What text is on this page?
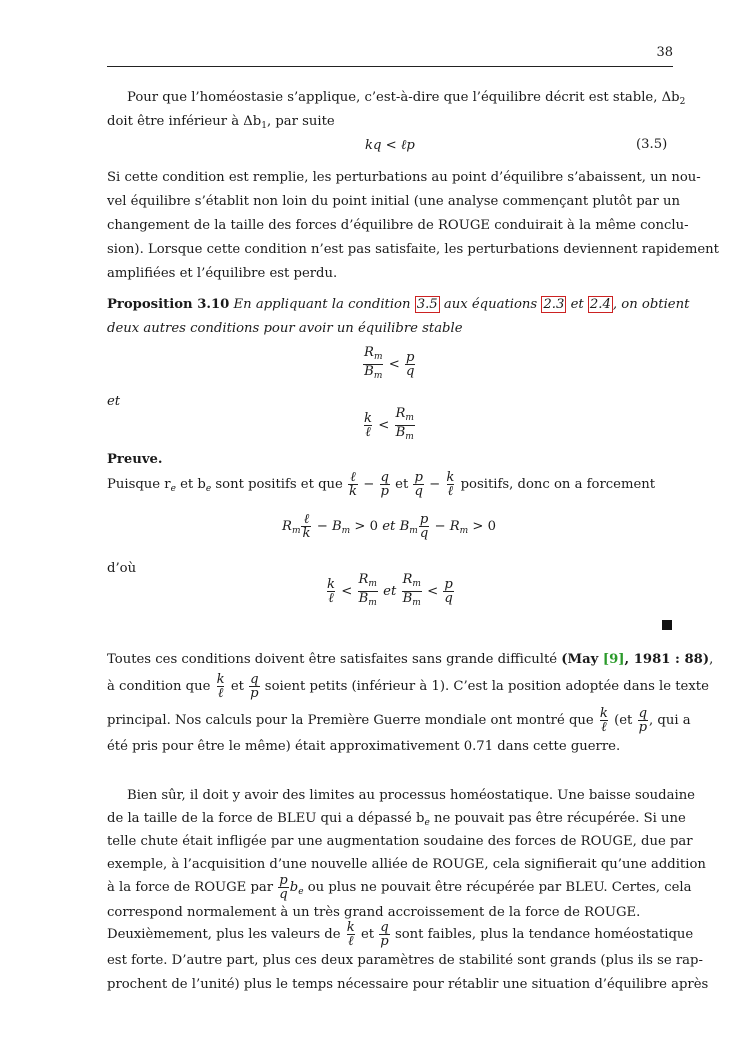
38
Pour que l’homéostasie s’applique, c’est-à-dire que l’équilibre décrit est stable, $\Delta b_2$
doit être inférieur à $\Delta b_1$, par suite
kq < ℓp	(3.5)
Si cette condition est remplie, les perturbations au point d’équilibre s’abaissent, un nou-
vel équilibre s’établit non loin du point initial (une analyse commençant plutôt par un
changement de la taille des forces d’équilibre de ROUGE conduirait à la même conclu-
sion). Lorsque cette condition n’est pas satisfaite, les perturbations deviennent rapidement
amplifiées et l’équilibre est perdu.
Proposition 3.10 En appliquant la condition 3.5 aux équations 2.3 et 2.4 , on obtient
deux autres conditions pour avoir un équilibre stable
$\frac{R_m}{B_m} < \frac{p}{q}$
et
$\frac{k}{\text{ℓ}} < \frac{R_m}{B_m}$
Preuve.
Puisque $r_e$ et $b_e$ sont positifs et que $\frac{\text{ℓ}}{k} - \frac{q}{p}$ et $\frac{p}{q} - \frac{k}{\text{ℓ}}$ positifs, donc on a forcement
$R_m \frac{\text{ℓ}}{k} - B_m > 0$ et $B_m \frac{p}{q} - R_m > 0$
d’où
$\frac{k}{\text{ℓ}} < \frac{R_m}{B_m}$ et $\frac{R_m}{B_m} < \frac{p}{q}$
Toutes ces conditions doivent être satisfaites sans grande difficulté (May [9], 1981 : 88),
à condition que $\frac{k}{\text{ℓ}}$ et $\frac{q}{p}$ soient petits (inférieur à 1). C’est la position adoptée dans le texte
principal. Nos calculs pour la Première Guerre mondiale ont montré que $\frac{k}{\text{ℓ}} (et \frac{q}{p}$ , qui a
été pris pour être le même) était approximativement 0.71 dans cette guerre.
Bien sûr, il doit y avoir des limites au processus homéostatique. Une baisse soudaine
de la taille de la force de BLEU qui a dépassé $b_e$ ne pouvait pas être récupérée. Si une
telle chute était infligée par une augmentation soudaine des forces de ROUGE, due par
exemple, à l’acquisition d’une nouvelle alliée de ROUGE, cela signifierait qu’une addition
à la force de ROUGE par $\frac{p}{q} b_e$ ou plus ne pouvait être récupérée par BLEU. Certes, cela
correspond normalement à un très grand accroissement de la force de ROUGE.
Deuxièmement, plus les valeurs de $\frac{k}{\text{ℓ}}$ et $\frac{q}{p}$ sont faibles, plus la tendance homéostatique
est forte. D’autre part, plus ces deux paramètres de stabilité sont grands (plus ils se rap-
prochent de l’unité) plus le temps nécessaire pour rétablir une situation d’équilibre après
